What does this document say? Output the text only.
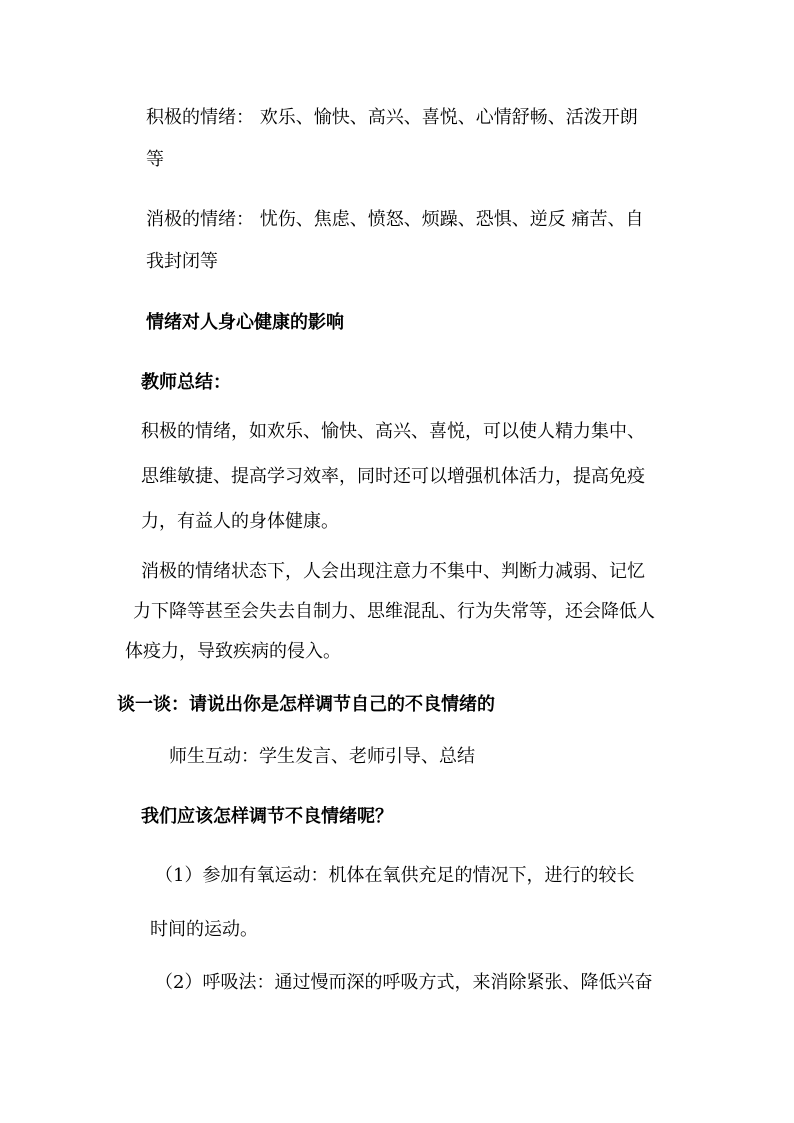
积极的情绪： 欢乐、愉快、高兴、喜悦、心情舒畅、活泼开朗
等
消极的情绪： 忧伤、焦虑、愤怒、烦躁、恐惧、逆反 痛苦、自
我封闭等
情绪对人身心健康的影响
教师总结：
积极的情绪，如欢乐、愉快、高兴、喜悦，可以使人精力集中、
思维敏捷、提高学习效率，同时还可以增强机体活力，提高免疫
力，有益人的身体健康。
消极的情绪状态下，人会出现注意力不集中、判断力减弱、记忆
力下降等甚至会失去自制力、思维混乱、行为失常等，还会降低人
体疫力，导致疾病的侵入。
谈一谈：请说出你是怎样调节自己的不良情绪的
师生互动：学生发言、老师引导、总结
我们应该怎样调节不良情绪呢？
（1）参加有氧运动：机体在氧供充足的情况下，进行的较长
时间的运动。
（2）呼吸法：通过慢而深的呼吸方式，来消除紧张、降低兴奋
